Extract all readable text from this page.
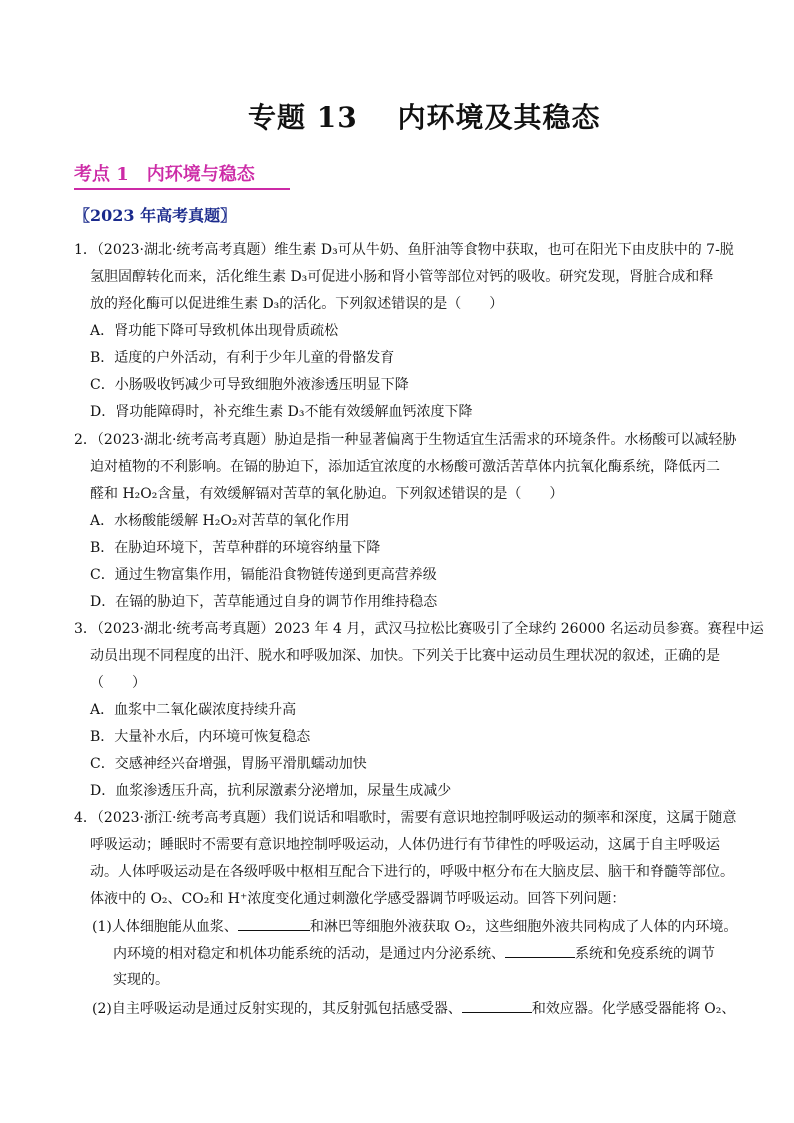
专题 13　 内环境及其稳态
考点 1　内环境与稳态
〖2023 年高考真题〗
1．（2023·湖北·统考高考真题）维生素 D₃可从牛奶、鱼肝油等食物中获取，也可在阳光下由皮肤中的 7-脱
氢胆固醇转化而来，活化维生素 D₃可促进小肠和肾小管等部位对钙的吸收。研究发现，肾脏合成和释
放的羟化酶可以促进维生素 D₃的活化。下列叙述错误的是（　　）
A．肾功能下降可导致机体出现骨质疏松
B．适度的户外活动，有利于少年儿童的骨骼发育
C．小肠吸收钙减少可导致细胞外液渗透压明显下降
D．肾功能障碍时，补充维生素 D₃不能有效缓解血钙浓度下降
2．（2023·湖北·统考高考真题）胁迫是指一种显著偏离于生物适宜生活需求的环境条件。水杨酸可以减轻胁
迫对植物的不利影响。在镉的胁迫下，添加适宜浓度的水杨酸可激活苦草体内抗氧化酶系统，降低丙二
醛和 H₂O₂含量，有效缓解镉对苦草的氧化胁迫。下列叙述错误的是（　　）
A．水杨酸能缓解 H₂O₂对苦草的氧化作用
B．在胁迫环境下，苦草种群的环境容纳量下降
C．通过生物富集作用，镉能沿食物链传递到更高营养级
D．在镉的胁迫下，苦草能通过自身的调节作用维持稳态
3．（2023·湖北·统考高考真题）2023 年 4 月，武汉马拉松比赛吸引了全球约 26000 名运动员参赛。赛程中运
动员出现不同程度的出汗、脱水和呼吸加深、加快。下列关于比赛中运动员生理状况的叙述，正确的是
（　　）
A．血浆中二氧化碳浓度持续升高
B．大量补水后，内环境可恢复稳态
C．交感神经兴奋增强，胃肠平滑肌蠕动加快
D．血浆渗透压升高，抗利尿激素分泌增加，尿量生成减少
4．（2023·浙江·统考高考真题）我们说话和唱歌时，需要有意识地控制呼吸运动的频率和深度，这属于随意
呼吸运动；睡眠时不需要有意识地控制呼吸运动，人体仍进行有节律性的呼吸运动，这属于自主呼吸运
动。人体呼吸运动是在各级呼吸中枢相互配合下进行的，呼吸中枢分布在大脑皮层、脑干和脊髓等部位。
体液中的 O₂、CO₂和 H⁺浓度变化通过刺激化学感受器调节呼吸运动。回答下列问题：
(1)人体细胞能从血浆、	和淋巴等细胞外液获取 O₂，这些细胞外液共同构成了人体的内环境。
内环境的相对稳定和机体功能系统的活动，是通过内分泌系统、	系统和免疫系统的调节
实现的。
(2)自主呼吸运动是通过反射实现的，其反射弧包括感受器、	和效应器。化学感受器能将 O₂、
